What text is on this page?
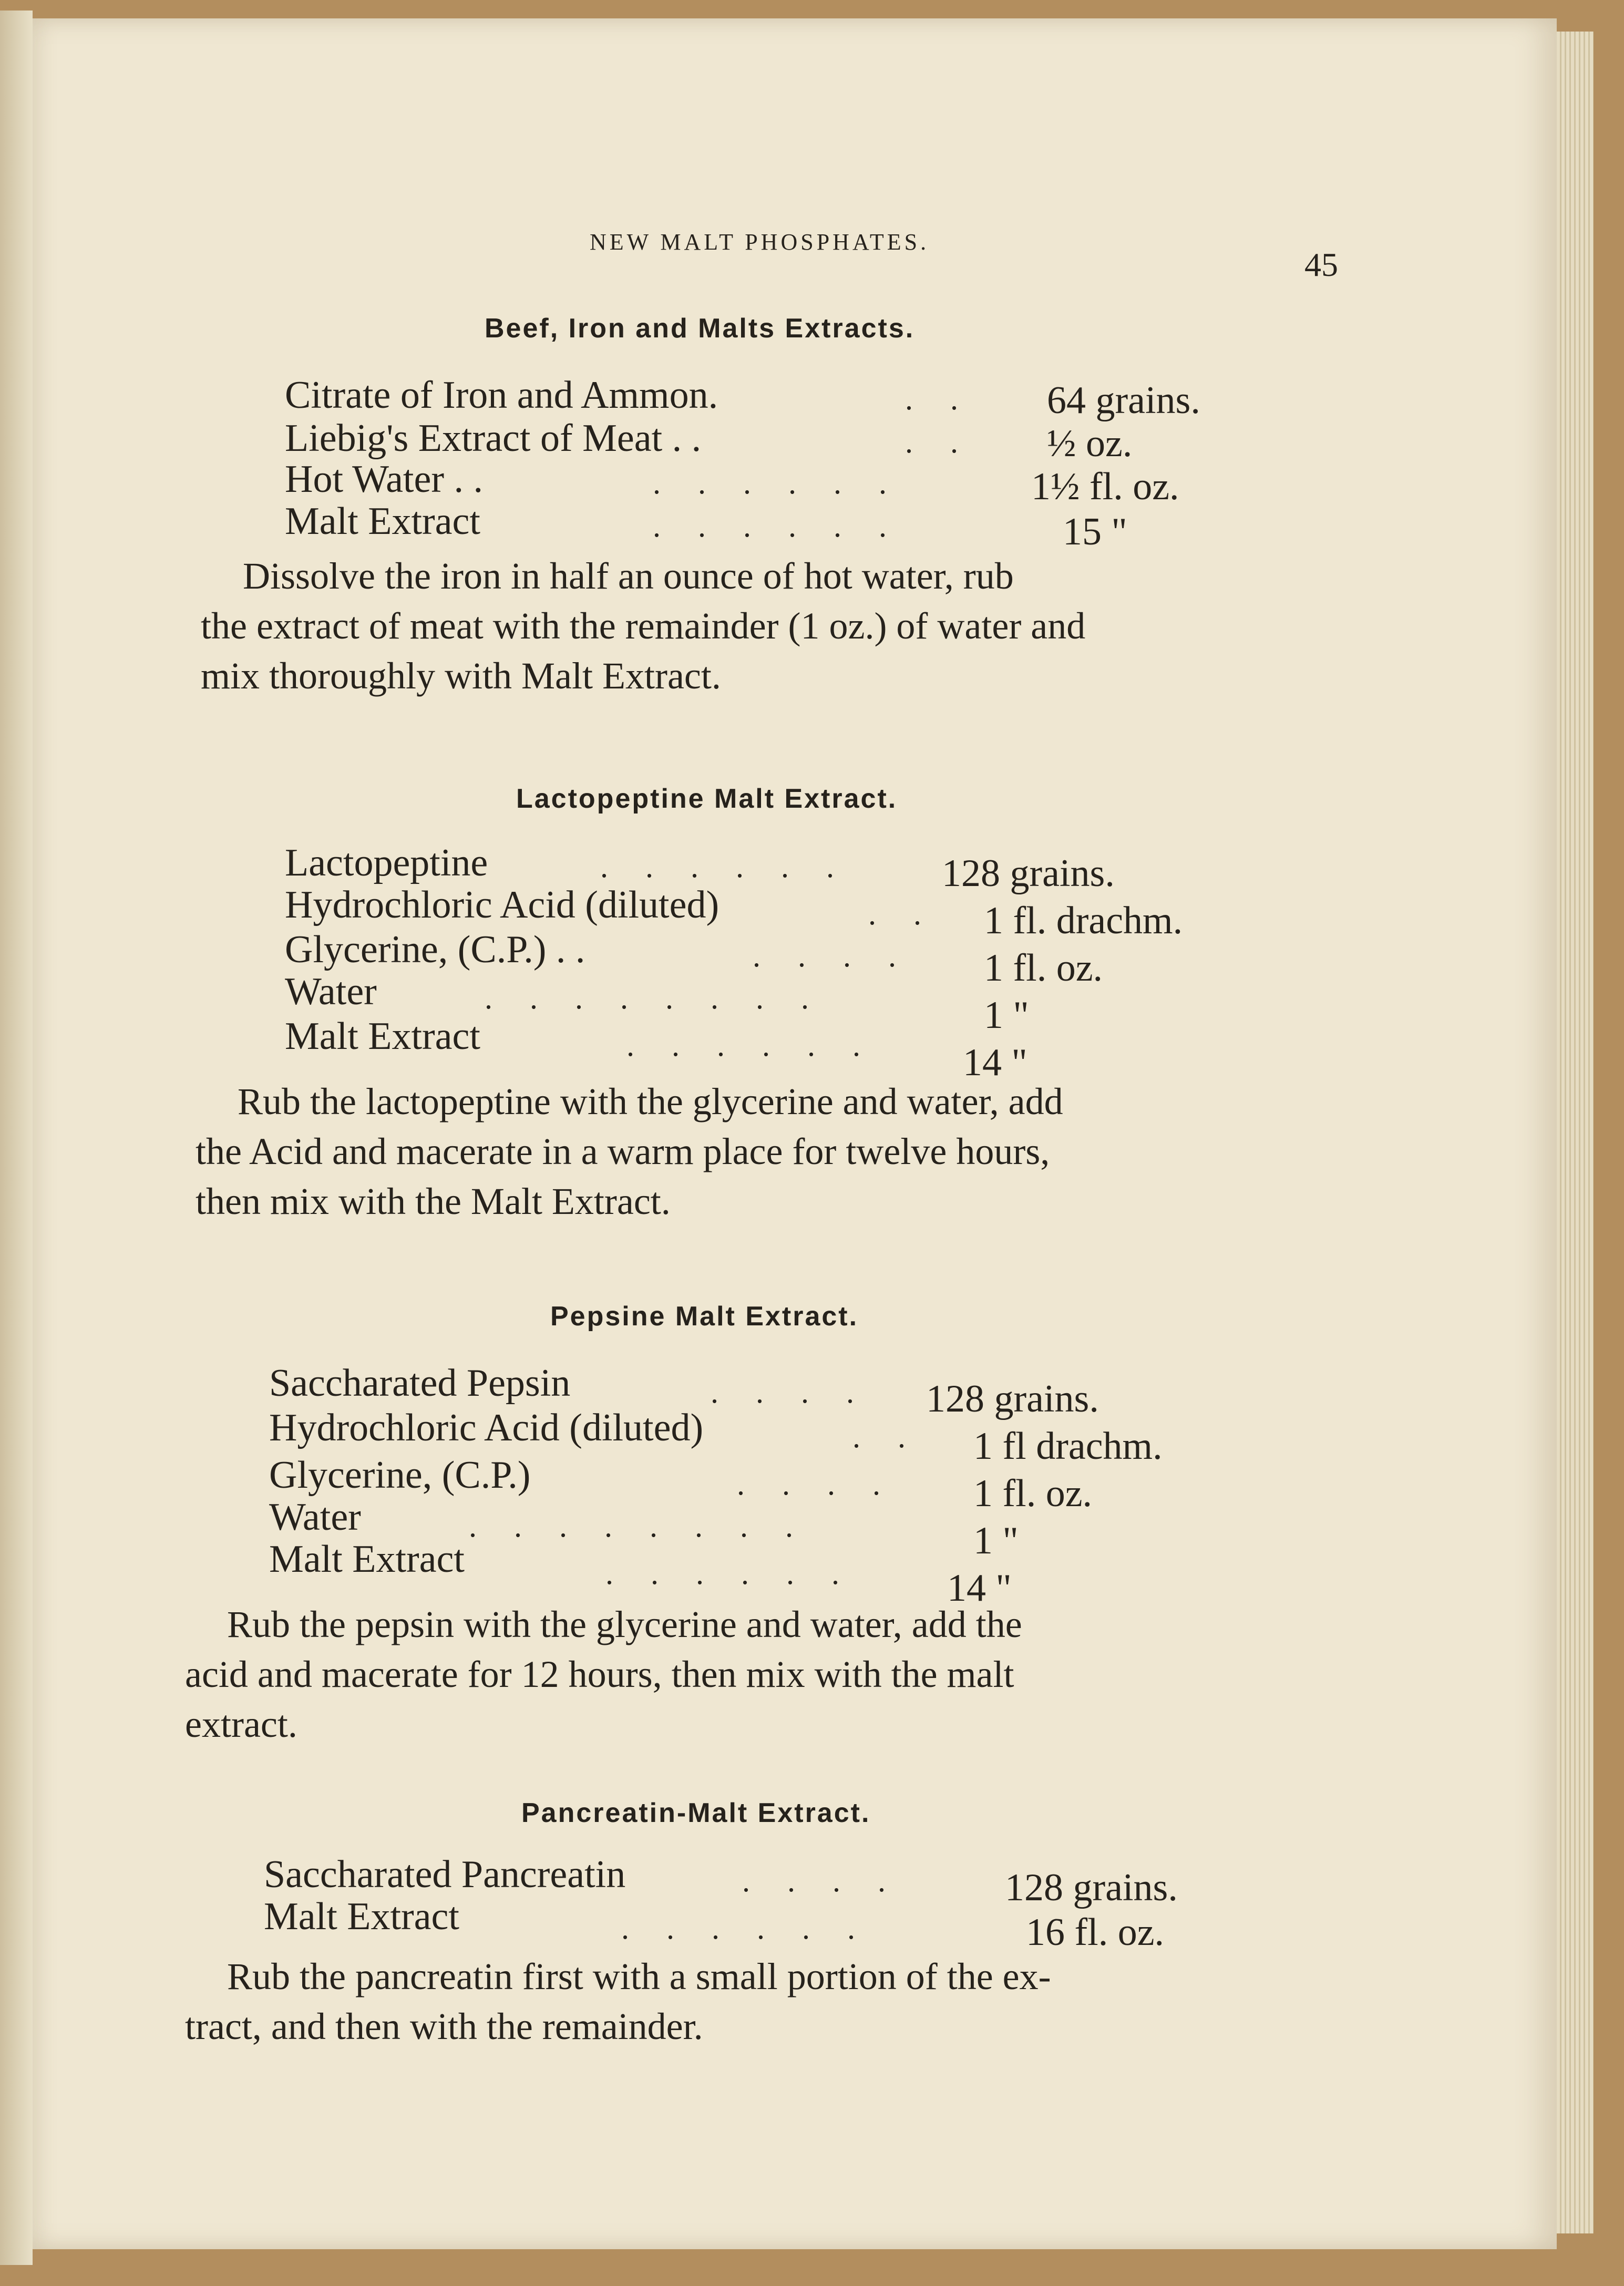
NEW MALT PHOSPHATES.
45
Beef, Iron and Malts Extracts.
Citrate of Iron and Ammon.	. . 64 grains.
Liebig's Extract of Meat . .	. . ½ oz.
Hot Water . .	. . . . . .	1½ fl. oz.
Malt Extract	. . . . . .	15 "
Dissolve the iron in half an ounce of hot water, rub
the extract of meat with the remainder (1 oz.) of water and
mix thoroughly with Malt Extract.
Lactopeptine Malt Extract.
Lactopeptine	. . . . . . 128 grains.
Hydrochloric Acid (diluted)	. . 1 fl. drachm.
Glycerine, (C.P.) . .	. . . . 1 fl. oz.
Water	. . . . . . . .	1 "
Malt Extract	. . . . . . 14 "
Rub the lactopeptine with the glycerine and water, add
the Acid and macerate in a warm place for twelve hours,
then mix with the Malt Extract.
Pepsine Malt Extract.
Saccharated Pepsin	. . . . 128 grains.
Hydrochloric Acid (diluted)	. . 1 fl drachm.
Glycerine, (C.P.)	. . . . 1 fl. oz.
Water	. . . . . . . .	1 "
Malt Extract	. . . . . . 14 "
Rub the pepsin with the glycerine and water, add the
acid and macerate for 12 hours, then mix with the malt
extract.
Pancreatin-Malt Extract.
Saccharated Pancreatin	. . . .	128 grains.
Malt Extract	. . . . . .	16 fl. oz.
Rub the pancreatin first with a small portion of the ex-
tract, and then with the remainder.
